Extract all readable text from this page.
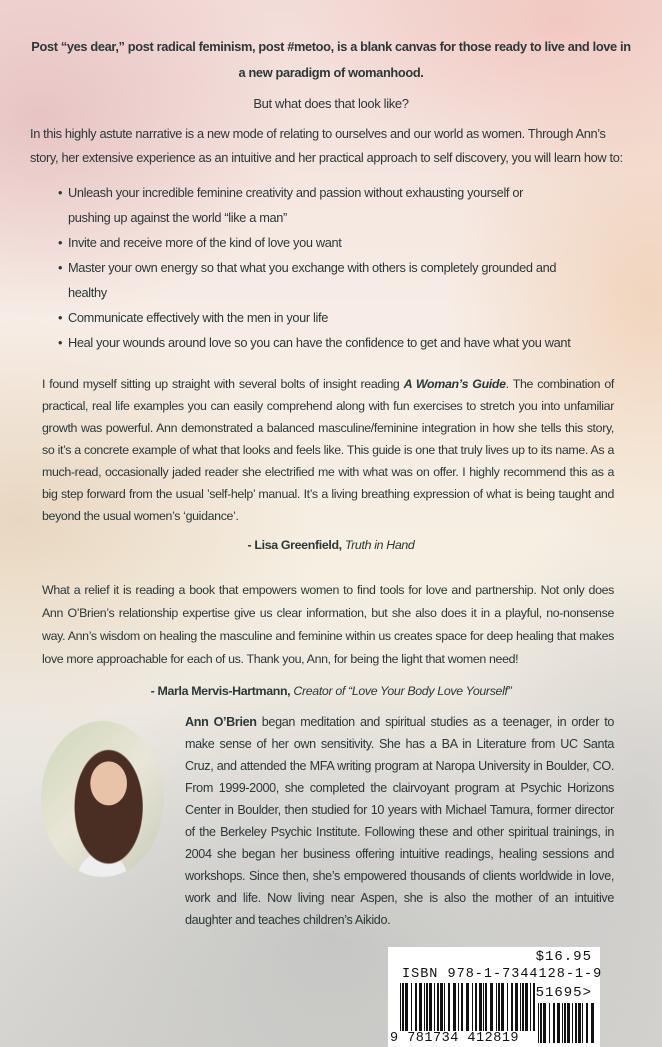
Post “yes dear,” post radical feminism, post #metoo, is a blank canvas for those ready to live and love in a new paradigm of womanhood.
But what does that look like?
In this highly astute narrative is a new mode of relating to ourselves and our world as women. Through Ann’s story, her extensive experience as an intuitive and her practical approach to self discovery, you will learn how to:
• Unleash your incredible feminine creativity and passion without exhausting yourself or pushing up against the world “like a man”
• Invite and receive more of the kind of love you want
• Master your own energy so that what you exchange with others is completely grounded and healthy
• Communicate effectively with the men in your life
• Heal your wounds around love so you can have the confidence to get and have what you want
I found myself sitting up straight with several bolts of insight reading A Woman’s Guide. The combination of practical, real life examples you can easily comprehend along with fun exercises to stretch you into unfamiliar growth was powerful. Ann demonstrated a balanced masculine/feminine integration in how she tells this story, so it’s a concrete example of what that looks and feels like. This guide is one that truly lives up to its name. As a much-read, occasionally jaded reader she electrified me with what was on offer. I highly recommend this as a big step forward from the usual ’self-help’ manual. It’s a living breathing expression of what is being taught and beyond the usual women’s ‘guidance’.
- Lisa Greenfield, Truth in Hand
What a relief it is reading a book that empowers women to find tools for love and partnership. Not only does Ann O’Brien’s relationship expertise give us clear information, but she also does it in a playful, no-nonsense way. Ann’s wisdom on healing the masculine and feminine within us creates space for deep healing that makes love more approachable for each of us. Thank you, Ann, for being the light that women need!
- Marla Mervis-Hartmann, Creator of “Love Your Body Love Yourself”
Ann O’Brien began meditation and spiritual studies as a teenager, in order to make sense of her own sensitivity. She has a BA in Literature from UC Santa Cruz, and attended the MFA writing program at Naropa University in Boulder, CO. From 1999-2000, she completed the clairvoyant program at Psychic Horizons Center in Boulder, then studied for 10 years with Michael Tamura, former director of the Berkeley Psychic Institute. Following these and other spiritual trainings, in 2004 she began her business offering intuitive readings, healing sessions and workshops. Since then, she’s empowered thousands of clients worldwide in love, work and life. Now living near Aspen, she is also the mother of an intuitive daughter and teaches children’s Aikido.
$16.95
ISBN 978-1-7344128-1-9
51695>
9 781734 412819
